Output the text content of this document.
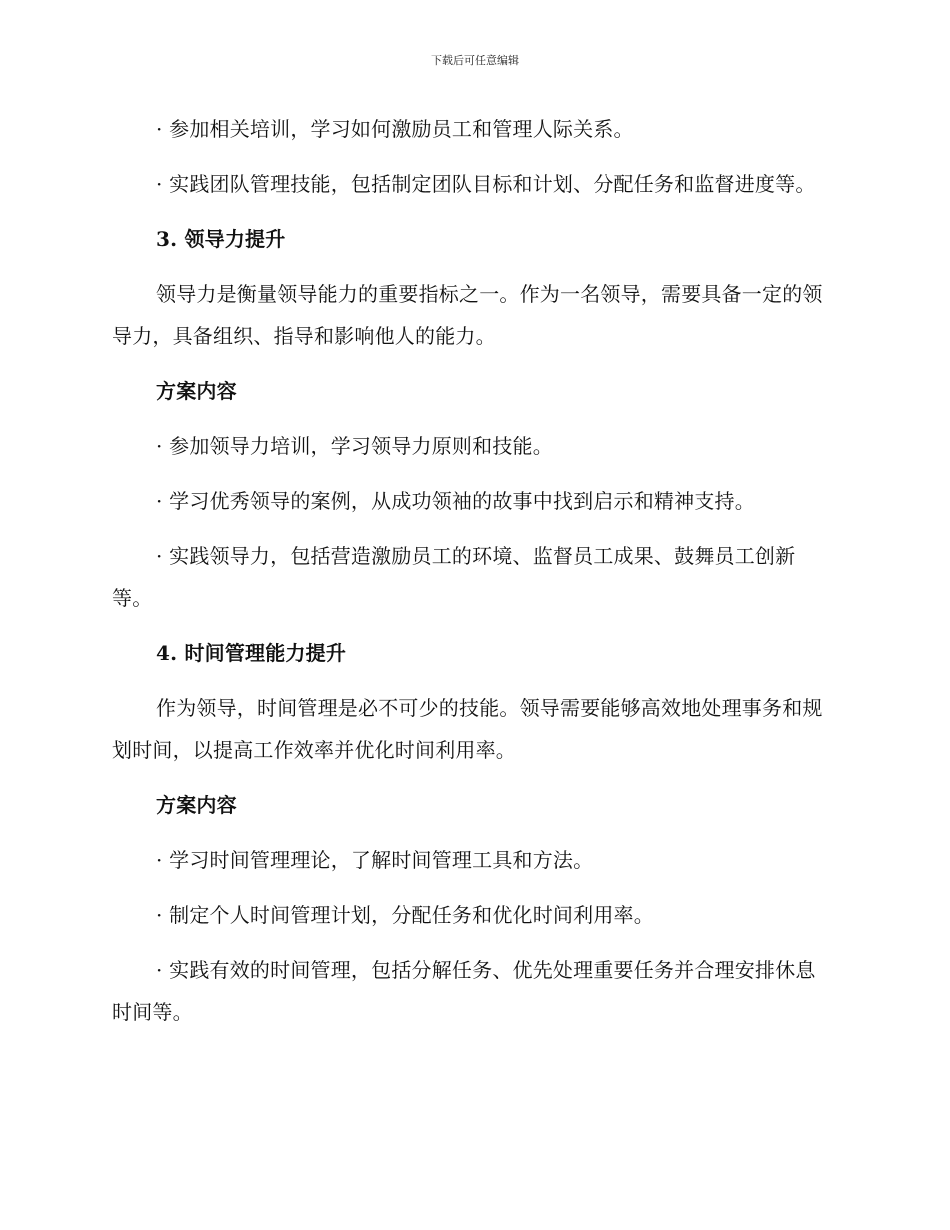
下载后可任意编辑

· 参加相关培训，学习如何激励员工和管理人际关系。

· 实践团队管理技能，包括制定团队目标和计划、分配任务和监督进度等。

3. 领导力提升

领导力是衡量领导能力的重要指标之一。作为一名领导，需要具备一定的领导力，具备组织、指导和影响他人的能力。

方案内容

· 参加领导力培训，学习领导力原则和技能。

· 学习优秀领导的案例，从成功领袖的故事中找到启示和精神支持。

· 实践领导力，包括营造激励员工的环境、监督员工成果、鼓舞员工创新等。

4. 时间管理能力提升

作为领导，时间管理是必不可少的技能。领导需要能够高效地处理事务和规划时间，以提高工作效率并优化时间利用率。

方案内容

· 学习时间管理理论，了解时间管理工具和方法。

· 制定个人时间管理计划，分配任务和优化时间利用率。

· 实践有效的时间管理，包括分解任务、优先处理重要任务并合理安排休息时间等。
